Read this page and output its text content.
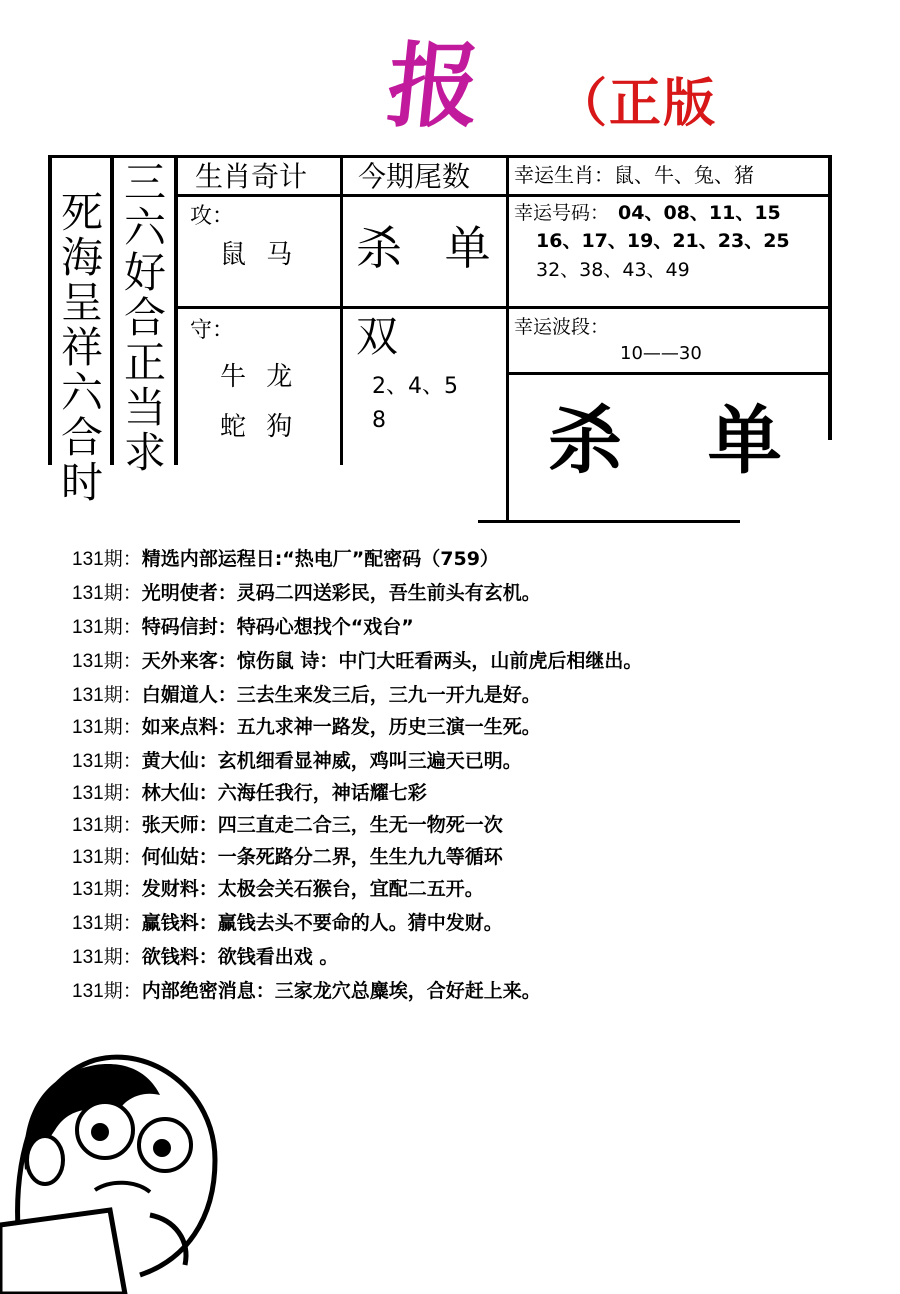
报 （正版
死海呈祥六合时
三六好合正当求
生肖奇计 今期尾数 幸运生肖：鼠、牛、兔、猪
攻：
鼠 马 杀 单
幸运号码： 04、08、11、15
16、17、19、21、23、25
32、38、43、49
守：
牛 龙
蛇 狗
双
2、4、5
8
幸运波段：
10——30
杀 单
131期：精选内部运程日:“热电厂”配密码（759）
131期：光明使者：灵码二四送彩民，吾生前头有玄机。
131期：特码信封：特码心想找个“戏台”
131期：天外来客：惊伤鼠 诗：中门大旺看两头，山前虎后相继出。
131期：白媚道人：三去生来发三后，三九一开九是好。
131期：如来点料：五九求神一路发，历史三演一生死。
131期：黄大仙：玄机细看显神威，鸡叫三遍天已明。
131期：林大仙：六海任我行，神话耀七彩
131期：张天师：四三直走二合三，生无一物死一次
131期：何仙姑：一条死路分二界，生生九九等循环
131期：发财料：太极会关石猴台，宜配二五开。
131期：赢钱料：赢钱去头不要命的人。猜中发财。
131期：欲钱料：欲钱看出戏 。
131期：内部绝密消息：三家龙穴总麋埃，合好赶上来。
